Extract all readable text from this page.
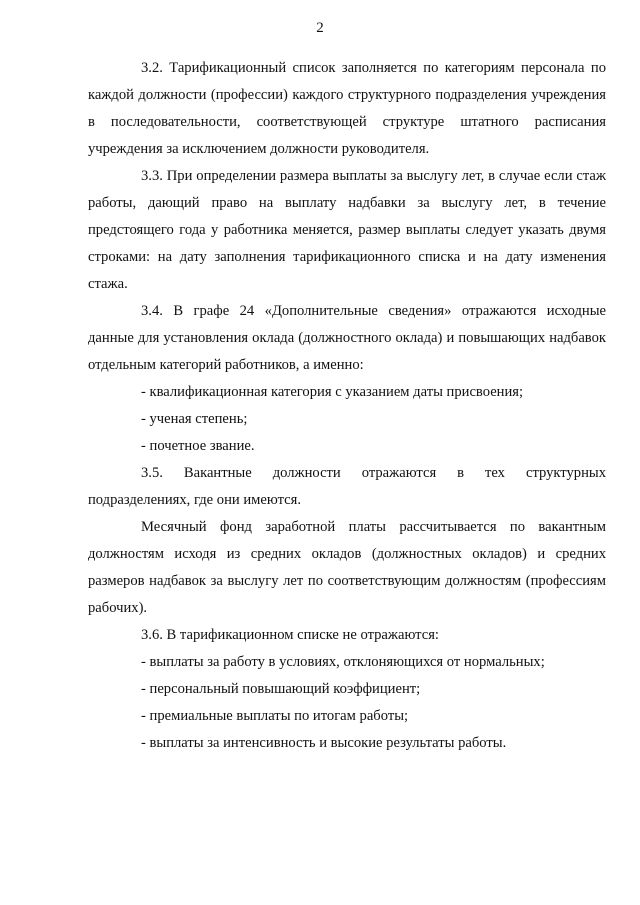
2

3.2. Тарификационный список заполняется по категориям персонала по каждой должности (профессии) каждого структурного подразделения учреждения в последовательности, соответствующей структуре штатного расписания учреждения за исключением должности руководителя.

3.3. При определении размера выплаты за выслугу лет, в случае если стаж работы, дающий право на выплату надбавки за выслугу лет, в течение предстоящего года у работника меняется, размер выплаты следует указать двумя строками: на дату заполнения тарификационного списка и на дату изменения стажа.

3.4. В графе 24 «Дополнительные сведения» отражаются исходные данные для установления оклада (должностного оклада) и повышающих надбавок отдельным категорий работников, а именно:

- квалификационная категория с указанием даты присвоения;

- ученая степень;

- почетное звание.

3.5. Вакантные должности отражаются в тех структурных подразделениях, где они имеются.

Месячный фонд заработной платы рассчитывается по вакантным должностям исходя из средних окладов (должностных окладов) и средних размеров надбавок за выслугу лет по соответствующим должностям (профессиям рабочих).

3.6. В тарификационном списке не отражаются:

- выплаты за работу в условиях, отклоняющихся от нормальных;

- персональный повышающий коэффициент;

- премиальные выплаты по итогам работы;

- выплаты за интенсивность и высокие результаты работы.
